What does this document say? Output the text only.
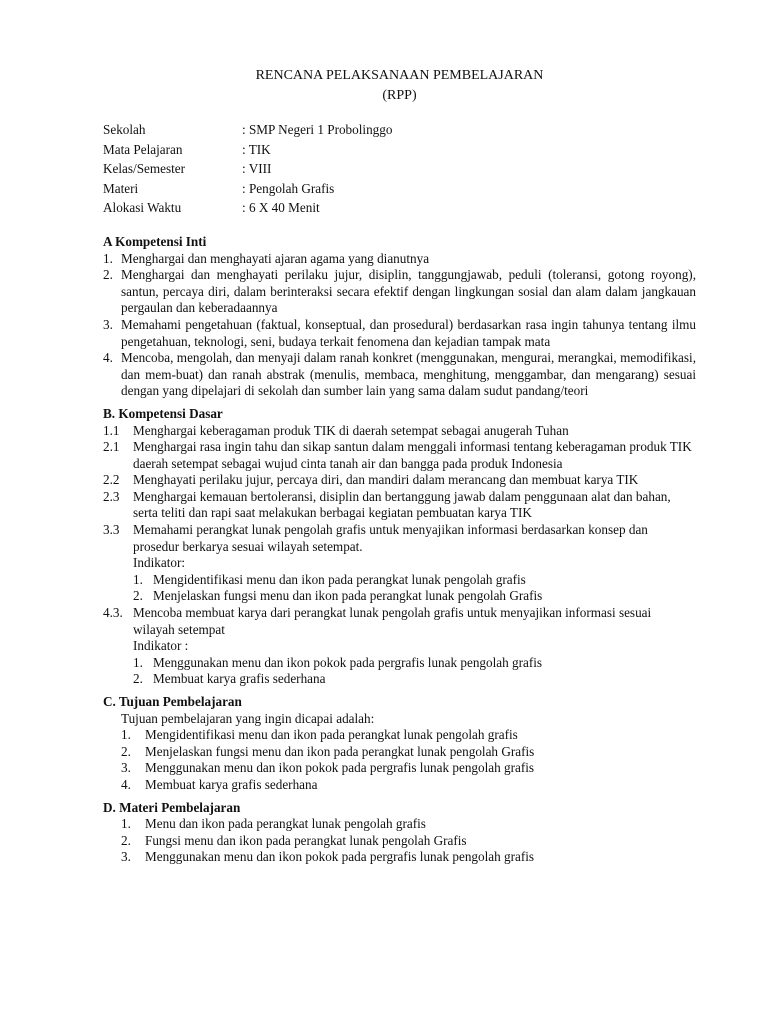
RENCANA PELAKSANAAN PEMBELAJARAN
(RPP)
Sekolah	: SMP Negeri 1 Probolinggo
Mata Pelajaran	: TIK
Kelas/Semester	: VIII
Materi	: Pengolah Grafis
Alokasi Waktu	: 6 X 40 Menit
A Kompetensi Inti
1. Menghargai dan menghayati ajaran agama yang dianutnya
2. Menghargai dan menghayati perilaku jujur, disiplin, tanggungjawab, peduli (toleransi, gotong royong), santun, percaya diri, dalam berinteraksi secara efektif dengan lingkungan sosial dan alam dalam jangkauan pergaulan dan keberadaannya
3. Memahami pengetahuan (faktual, konseptual, dan prosedural) berdasarkan rasa ingin tahunya tentang ilmu pengetahuan, teknologi, seni, budaya terkait fenomena dan kejadian tampak mata
4. Mencoba, mengolah, dan menyaji dalam ranah konkret (menggunakan, mengurai, merangkai, memodifikasi, dan mem-buat) dan ranah abstrak (menulis, membaca, menghitung, menggambar, dan mengarang) sesuai dengan yang dipelajari di sekolah dan sumber lain yang sama dalam sudut pandang/teori
B. Kompetensi Dasar
1.1	Menghargai keberagaman produk TIK di daerah setempat sebagai anugerah Tuhan
2.1	Menghargai rasa ingin tahu dan sikap santun dalam menggali informasi tentang keberagaman produk TIK daerah setempat sebagai wujud cinta tanah air dan bangga pada produk Indonesia
2.2	Menghayati perilaku jujur, percaya diri, dan mandiri dalam merancang dan membuat karya TIK
2.3	Menghargai kemauan bertoleransi, disiplin dan bertanggung jawab dalam penggunaan alat dan bahan, serta teliti dan rapi saat melakukan berbagai kegiatan pembuatan karya TIK
3.3	Memahami perangkat lunak pengolah grafis untuk menyajikan informasi berdasarkan konsep dan prosedur berkarya sesuai wilayah setempat.
Indikator:
1. Mengidentifikasi menu dan ikon pada perangkat lunak pengolah grafis
2. Menjelaskan fungsi menu dan ikon pada perangkat lunak pengolah Grafis
4.3. Mencoba membuat karya dari perangkat lunak pengolah grafis untuk menyajikan informasi sesuai wilayah setempat
Indikator :
1. Menggunakan menu dan ikon pokok pada pergrafis lunak pengolah grafis
2. Membuat karya grafis sederhana
C. Tujuan Pembelajaran
Tujuan pembelajaran yang ingin dicapai adalah:
1.	Mengidentifikasi menu dan ikon pada perangkat lunak pengolah grafis
2.	Menjelaskan fungsi menu dan ikon pada perangkat lunak pengolah Grafis
3.	Menggunakan menu dan ikon pokok pada pergrafis lunak pengolah grafis
4.	Membuat karya grafis sederhana
D. Materi Pembelajaran
1.	Menu dan ikon pada perangkat lunak pengolah grafis
2.	Fungsi menu dan ikon pada perangkat lunak pengolah Grafis
3.	Menggunakan menu dan ikon pokok pada pergrafis lunak pengolah grafis
